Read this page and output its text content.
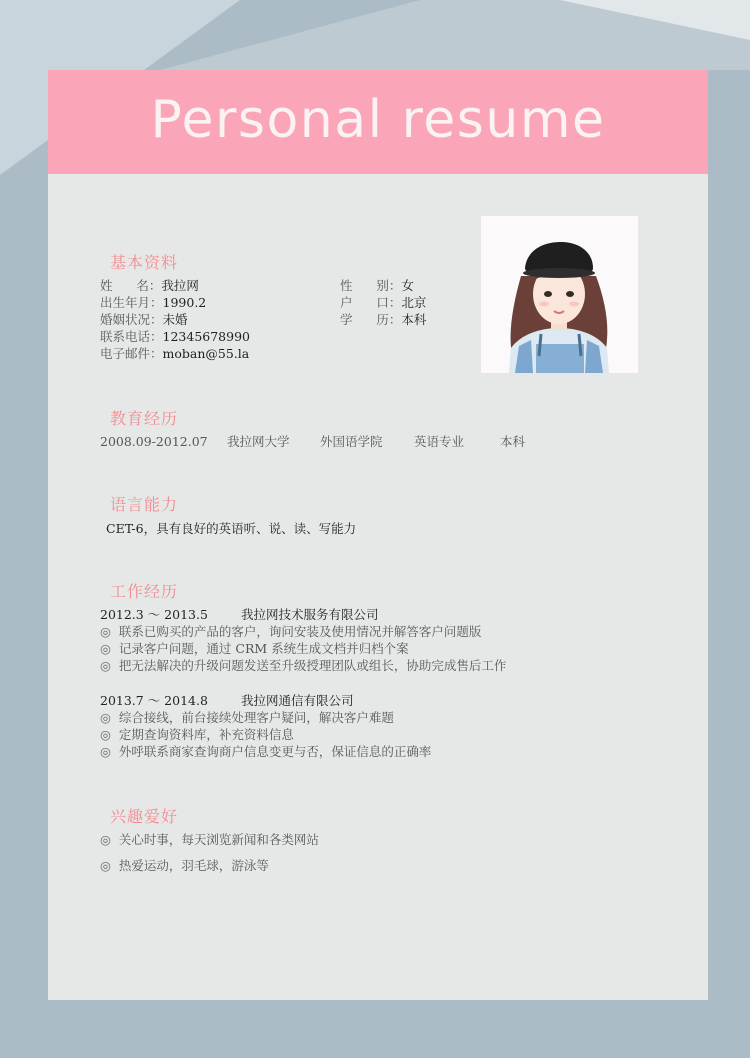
Personal resume
基本资料
姓      名：我拉网	性      别：女
出生年月：1990.2	户      口：北京
婚姻状况：未婚	学      历：本科
联系电话：12345678990
电子邮件：moban@55.la
教育经历
2008.09-2012.07 我拉网大学 外国语学院	英语专业	本科
语言能力
CET-6，具有良好的英语听、说、读、写能力
工作经历
2012.3 ～ 2013.5	我拉网技术服务有限公司
◎ 联系已购买的产品的客户，询问安装及使用情况并解答客户问题版
◎ 记录客户问题，通过 CRM 系统生成文档并归档个案
◎ 把无法解决的升级问题发送至升级授理团队或组长，协助完成售后工作
2013.7 ～ 2014.8	我拉网通信有限公司
◎ 综合接线，前台接续处理客户疑问，解决客户难题
◎ 定期查询资料库，补充资料信息
◎ 外呼联系商家查询商户信息变更与否，保证信息的正确率
兴趣爱好
◎ 关心时事，每天浏览新闻和各类网站
◎ 热爱运动，羽毛球，游泳等
